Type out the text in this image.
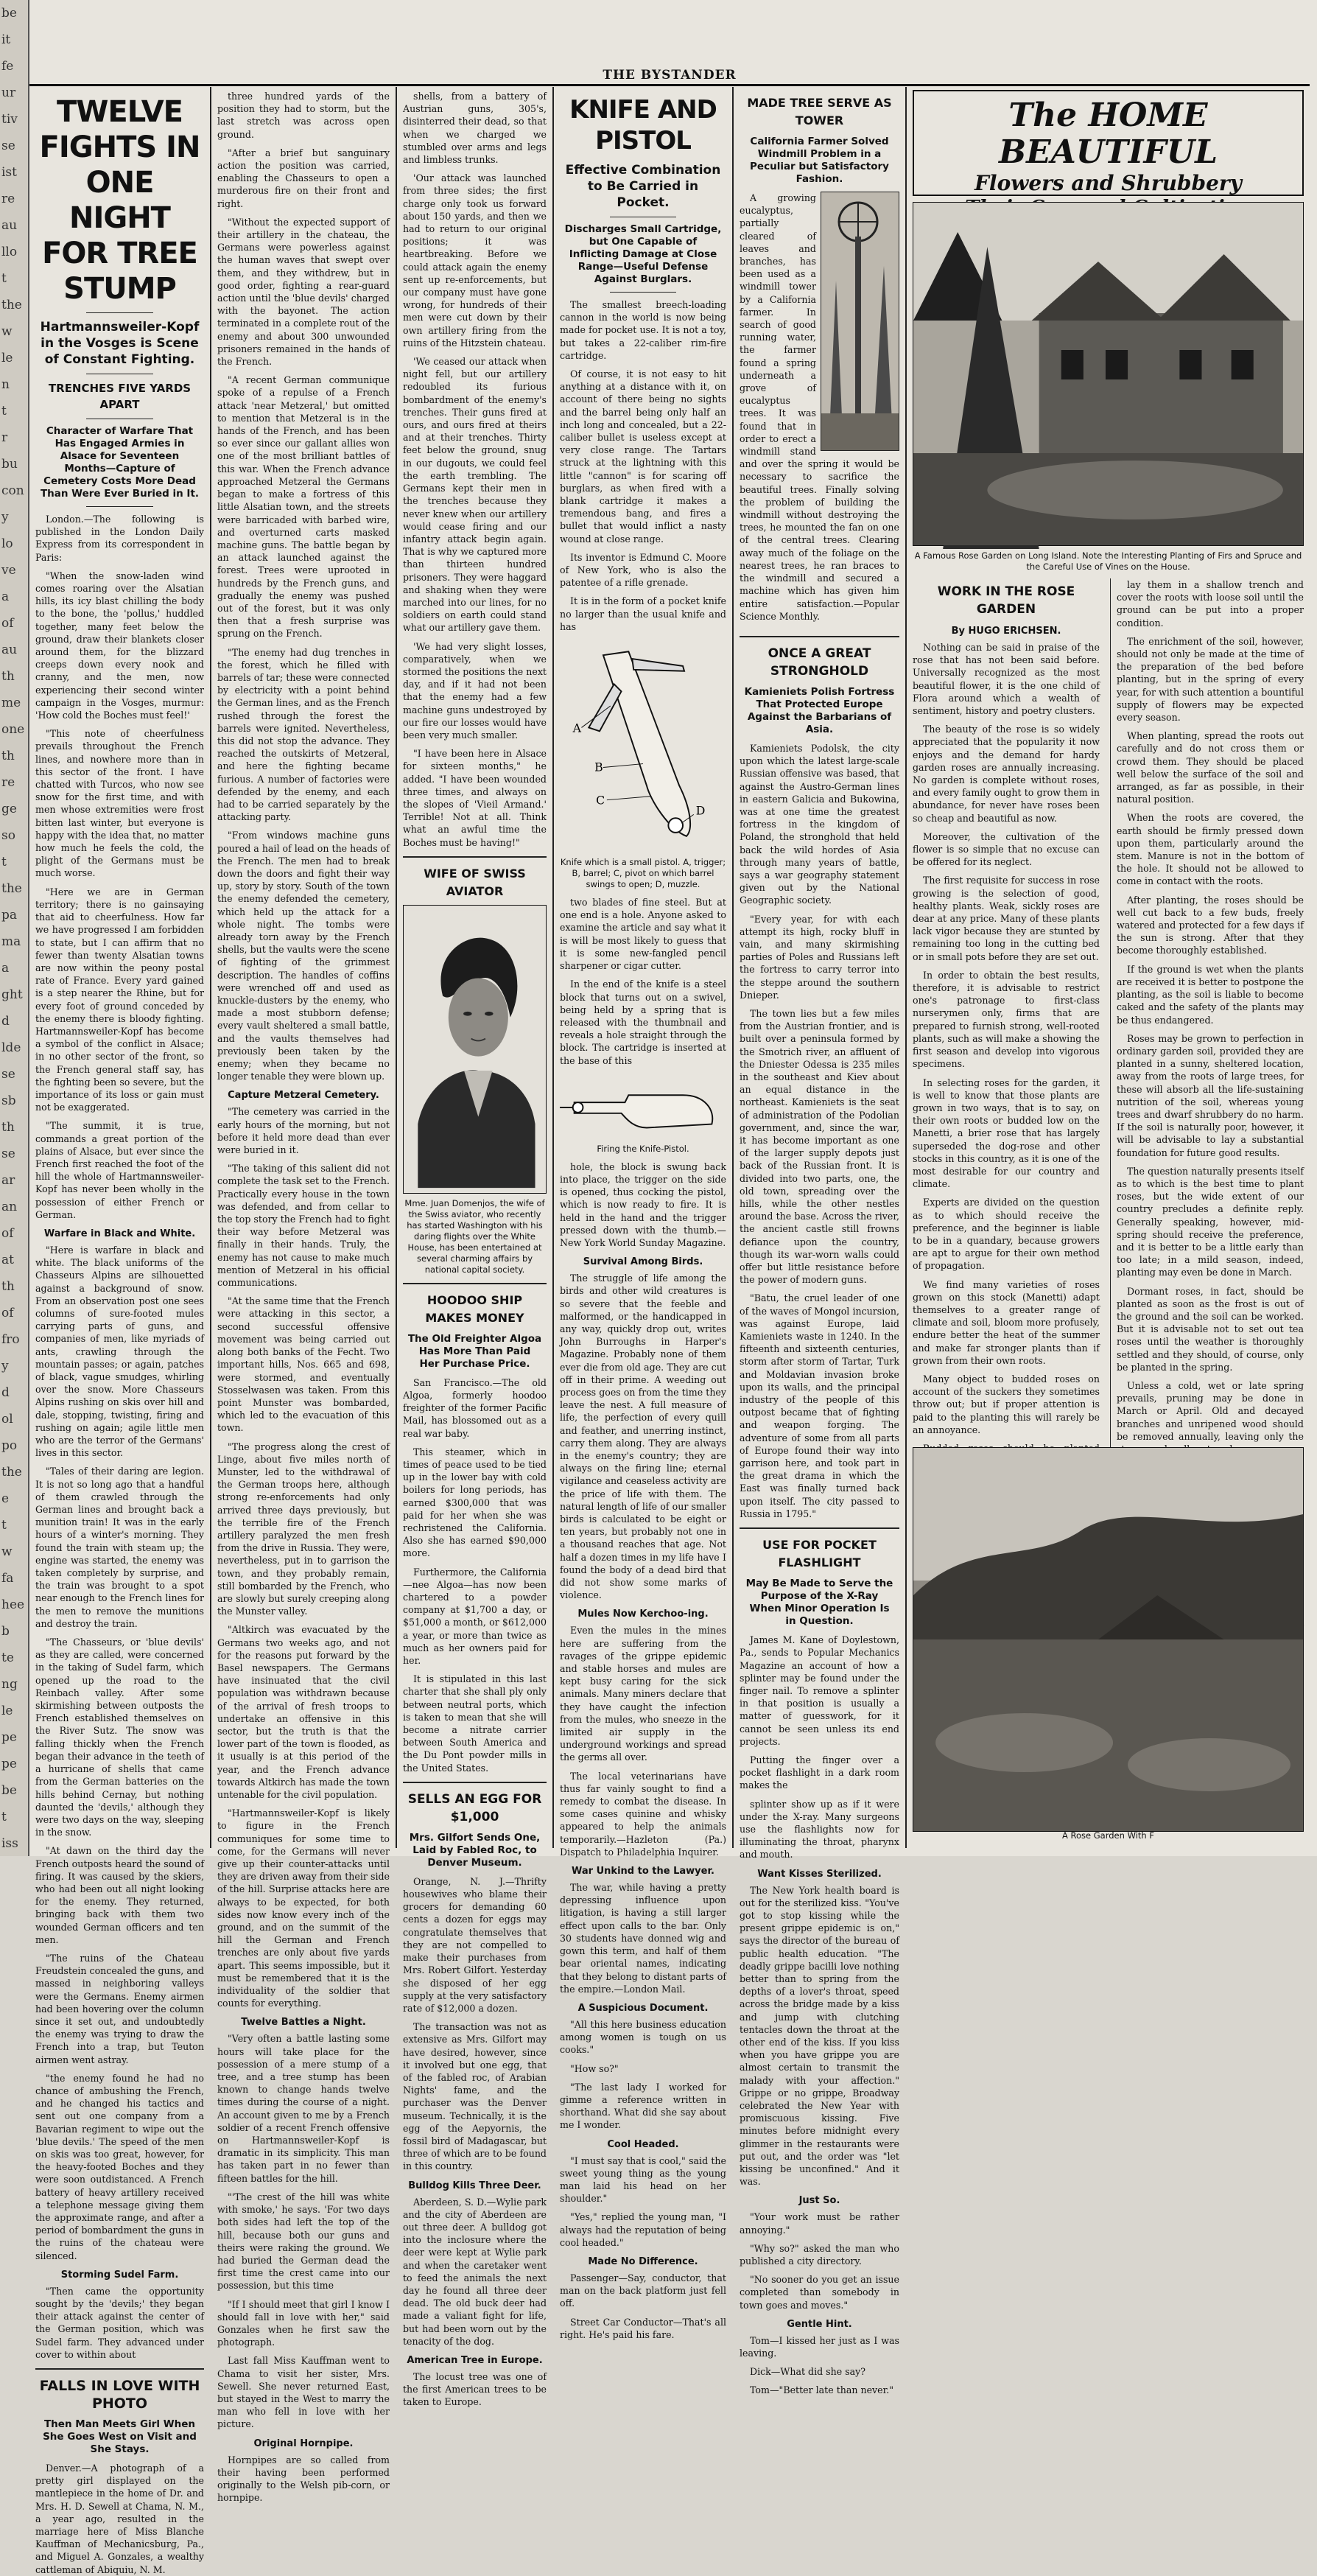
be
it
fe
ur
tiv
se
ist
re
au
llo
t
the
w
le
n
t
r
bu
con
y
lo
ve
a
of
au
th
me
one
th
re
ge
so
t
the
pa
ma
a
ght
d
lde
se
sb
th
se
ar
an
of
at
th
of
fro
y
d
ol
po
the
e
t
w
fa
hee
b
te
ng
le
pe
pe
be
t
iss
THE BYSTANDER
TWELVE FIGHTS IN ONE NIGHT FOR TREE STUMP
Hartmannsweiler-Kopf in the Vosges is Scene of Constant Fighting.
TRENCHES FIVE YARDS APART
Character of Warfare That Has Engaged Armies in Alsace for Seventeen Months—Capture of Cemetery Costs More Dead Than Were Ever Buried in It.

London.—The following is published in the London Daily Express from its correspondent in Paris:

"When the snow-laden wind comes roaring over the Alsatian hills, its icy blast chilling the body to the bone, the 'pollus,' huddled together, many feet below the ground, draw their blankets closer around them, for the blizzard creeps down every nook and cranny, and the men, now experiencing their second winter campaign in the Vosges, murmur: 'How cold the Boches must feel!'

"This note of cheerfulness prevails throughout the French lines, and nowhere more than in this sector of the front. I have chatted with Turcos, who now see snow for the first time, and with men whose extremities were frost bitten last winter, but everyone is happy with the idea that, no matter how much he feels the cold, the plight of the Germans must be much worse.

"Here we are in German territory; there is no gainsaying that aid to cheerfulness. How far we have progressed I am forbidden to state, but I can affirm that no fewer than twenty Alsatian towns are now within the peony postal rate of France. Every yard gained is a step nearer the Rhine, but for every foot of ground conceded by the enemy there is bloody fighting. Hartmannsweiler-Kopf has become a symbol of the conflict in Alsace; in no other sector of the front, so the French general staff say, has the fighting been so severe, but the importance of its loss or gain must not be exaggerated.

"The summit, it is true, commands a great portion of the plains of Alsace, but ever since the French first reached the foot of the hill the whole of Hartmannsweiler-Kopf has never been wholly in the possession of either French or German.

Warfare in Black and White.

"Here is warfare in black and white. The black uniforms of the Chasseurs Alpins are silhouetted against a background of snow. From an observation post one sees columns of sure-footed mules carrying parts of guns, and companies of men, like myriads of ants, crawling through the mountain passes; or again, patches of black, vague smudges, whirling over the snow. More Chasseurs Alpins rushing on skis over hill and dale, stopping, twisting, firing and rushing on again; agile little men who are the terror of the Germans' lives in this sector.

"Tales of their daring are legion. It is not so long ago that a handful of them crawled through the German lines and brought back a munition train! It was in the early hours of a winter's morning. They found the train with steam up; the engine was started, the enemy was taken completely by surprise, and the train was brought to a spot near enough to the French lines for the men to remove the munitions and destroy the train.

"The Chasseurs, or 'blue devils' as they are called, were concerned in the taking of Sudel farm, which opened up the road to the Reinbach valley. After some skirmishing between outposts the French established themselves on the River Sutz. The snow was falling thickly when the French began their advance in the teeth of a hurricane of shells that came from the German batteries on the hills behind Cernay, but nothing daunted the 'devils,' although they were two days on the way, sleeping in the snow.

"At dawn on the third day the French outposts heard the sound of firing. It was caused by the skiers, who had been out all night looking for the enemy. They returned, bringing back with them two wounded German officers and ten men.

"The ruins of the Chateau Freudstein concealed the guns, and massed in neighboring valleys were the Germans. Enemy airmen had been hovering over the column since it set out, and undoubtedly the enemy was trying to draw the French into a trap, but Teuton airmen went astray.

"the enemy found he had no chance of ambushing the French, and he changed his tactics and sent out one company from a Bavarian regiment to wipe out the 'blue devils.' The speed of the men on skis was too great, however, for the heavy-footed Boches and they were soon outdistanced. A French battery of heavy artillery received a telephone message giving them the approximate range, and after a period of bombardment the guns in the ruins of the chateau were silenced.

Storming Sudel Farm.

"Then came the opportunity sought by the 'devils;' they began their attack against the center of the German position, which was Sudel farm. They advanced under cover to within about

FALLS IN LOVE WITH PHOTO
Then Man Meets Girl When She Goes West on Visit and She Stays.

Denver.—A photograph of a pretty girl displayed on the mantlepiece in the home of Dr. and Mrs. H. D. Sewell at Chama, N. M., a year ago, resulted in the marriage here of Miss Blanche Kauffman of Mechanicsburg, Pa., and Miguel A. Gonzales, a wealthy cattleman of Abiquiu, N. M.

three hundred yards of the position they had to storm, but the last stretch was across open ground.

"After a brief but sanguinary action the position was carried, enabling the Chasseurs to open a murderous fire on their front and right.

"Without the expected support of their artillery in the chateau, the Germans were powerless against the human waves that swept over them, and they withdrew, but in good order, fighting a rear-guard action until the 'blue devils' charged with the bayonet. The action terminated in a complete rout of the enemy and about 300 unwounded prisoners remained in the hands of the French.

"A recent German communique spoke of a repulse of a French attack 'near Metzeral,' but omitted to mention that Metzeral is in the hands of the French, and has been so ever since our gallant allies won one of the most brilliant battles of this war. When the French advance approached Metzeral the Germans began to make a fortress of this little Alsatian town, and the streets were barricaded with barbed wire, and overturned carts masked machine guns. The battle began by an attack launched against the forest. Trees were uprooted in hundreds by the French guns, and gradually the enemy was pushed out of the forest, but it was only then that a fresh surprise was sprung on the French.

"The enemy had dug trenches in the forest, which he filled with barrels of tar; these were connected by electricity with a point behind the German lines, and as the French rushed through the forest the barrels were ignited. Nevertheless, this did not stop the advance. They reached the outskirts of Metzeral, and here the fighting became furious. A number of factories were defended by the enemy, and each had to be carried separately by the attacking party.

"From windows machine guns poured a hail of lead on the heads of the French. The men had to break down the doors and fight their way up, story by story. South of the town the enemy defended the cemetery, which held up the attack for a whole night. The tombs were already torn away by the French shells, but the vaults were the scene of fighting of the grimmest description. The handles of coffins were wrenched off and used as knuckle-dusters by the enemy, who made a most stubborn defense; every vault sheltered a small battle, and the vaults themselves had previously been taken by the enemy; when they became no longer tenable they were blown up.

Capture Metzeral Cemetery.

"The cemetery was carried in the early hours of the morning, but not before it held more dead than ever were buried in it.

"The taking of this salient did not complete the task set to the French. Practically every house in the town was defended, and from cellar to the top story the French had to fight their way before Metzeral was finally in their hands. Truly, the enemy has not cause to make much mention of Metzeral in his official communications.

"At the same time that the French were attacking in this sector, a second successful offensive movement was being carried out along both banks of the Fecht. Two important hills, Nos. 665 and 698, were stormed, and eventually Stosselwasen was taken. From this point Munster was bombarded, which led to the evacuation of this town.

"The progress along the crest of Linge, about five miles north of Munster, led to the withdrawal of the German troops here, although strong re-enforcements had only arrived three days previously, but the terrible fire of the French artillery paralyzed the men fresh from the drive in Russia. They were, nevertheless, put in to garrison the town, and they probably remain, still bombarded by the French, who are slowly but surely creeping along the Munster valley.

"Altkirch was evacuated by the Germans two weeks ago, and not for the reasons put forward by the Basel newspapers. The Germans have insinuated that the civil population was withdrawn because of the arrival of fresh troops to undertake an offensive in this sector, but the truth is that the lower part of the town is flooded, as it usually is at this period of the year, and the French advance towards Altkirch has made the town untenable for the civil population.

"Hartmannsweiler-Kopf is likely to figure in the French communiques for some time to come, for the Germans will never give up their counter-attacks until they are driven away from their side of the hill. Surprise attacks here are always to be expected, for both sides now know every inch of the ground, and on the summit of the hill the German and French trenches are only about five yards apart. This seems impossible, but it must be remembered that it is the individuality of the soldier that counts for everything.

Twelve Battles a Night.

"Very often a battle lasting some hours will take place for the possession of a mere stump of a tree, and a tree stump has been known to change hands twelve times during the course of a night. An account given to me by a French soldier of a recent French offensive on Hartmannsweiler-Kopf is dramatic in its simplicity. This man has taken part in no fewer than fifteen battles for the hill.

"'The crest of the hill was white with smoke,' he says. 'For two days both sides had left the top of the hill, because both our guns and theirs were raking the ground. We had buried the German dead the first time the crest came into our possession, but this time

"If I should meet that girl I know I should fall in love with her," said Gonzales when he first saw the photograph.

Last fall Miss Kauffman went to Chama to visit her sister, Mrs. Sewell. She never returned East, but stayed in the West to marry the man who fell in love with her picture.

Original Hornpipe.

Hornpipes are so called from their having been performed originally to the Welsh pib-corn, or hornpipe.

shells, from a battery of Austrian guns, 305's, disinterred their dead, so that when we charged we stumbled over arms and legs and limbless trunks.

'Our attack was launched from three sides; the first charge only took us forward about 150 yards, and then we had to return to our original positions; it was heartbreaking. Before we could attack again the enemy sent up re-enforcements, but our company must have gone wrong, for hundreds of their men were cut down by their own artillery firing from the ruins of the Hitzstein chateau.

'We ceased our attack when night fell, but our artillery redoubled its furious bombardment of the enemy's trenches. Their guns fired at ours, and ours fired at theirs and at their trenches. Thirty feet below the ground, snug in our dugouts, we could feel the earth trembling. The Germans kept their men in the trenches because they never knew when our artillery would cease firing and our infantry attack begin again. That is why we captured more than thirteen hundred prisoners. They were haggard and shaking when they were marched into our lines, for no soldiers on earth could stand what our artillery gave them.

'We had very slight losses, comparatively, when we stormed the positions the next day, and if it had not been that the enemy had a few machine guns undestroyed by our fire our losses would have been very much smaller.

"I have been here in Alsace for sixteen months," he added. "I have been wounded three times, and always on the slopes of 'Vieil Armand.' Terrible! Not at all. Think what an awful time the Boches must be having!"

WIFE OF SWISS AVIATOR
Mme. Juan Domenjos, the wife of the Swiss aviator, who recently has started Washington with his daring flights over the White House, has been entertained at several charming affairs by national capital society.
HOODOO SHIP MAKES MONEY
The Old Freighter Algoa Has More Than Paid Her Purchase Price.

San Francisco.—The old Algoa, formerly hoodoo freighter of the former Pacific Mail, has blossomed out as a real war baby.

This steamer, which in times of peace used to be tied up in the lower bay with cold boilers for long periods, has earned $300,000 that was paid for her when she was rechristened the California. Also she has earned $90,000 more.

Furthermore, the California—nee Algoa—has now been chartered to a powder company at $1,700 a day, or $51,000 a month, or $612,000 a year, or more than twice as much as her owners paid for her.

It is stipulated in this last charter that she shall ply only between neutral ports, which is taken to mean that she will become a nitrate carrier between South America and the Du Pont powder mills in the United States.

SELLS AN EGG FOR $1,000
Mrs. Gilfort Sends One, Laid by Fabled Roc, to Denver Museum.

Orange, N. J.—Thrifty housewives who blame their grocers for demanding 60 cents a dozen for eggs may congratulate themselves that they are not compelled to make their purchases from Mrs. Robert Gilfort. Yesterday she disposed of her egg supply at the very satisfactory rate of $12,000 a dozen.

The transaction was not as extensive as Mrs. Gilfort may have desired, however, since it involved but one egg, that of the fabled roc, of Arabian Nights' fame, and the purchaser was the Denver museum. Technically, it is the egg of the Aepyornis, the fossil bird of Madagascar, but three of which are to be found in this country.

Bulldog Kills Three Deer.

Aberdeen, S. D.—Wylie park and the city of Aberdeen are out three deer. A bulldog got into the inclosure where the deer were kept at Wylie park and when the caretaker went to feed the animals the next day he found all three deer dead. The old buck deer had made a valiant fight for life, but had been worn out by the tenacity of the dog.

American Tree in Europe.

The locust tree was one of the first American trees to be taken to Europe.

KNIFE AND PISTOL
Effective Combination to Be Carried in Pocket.
Discharges Small Cartridge, but One Capable of Inflicting Damage at Close Range—Useful Defense Against Burglars.

The smallest breech-loading cannon in the world is now being made for pocket use. It is not a toy, but takes a 22-caliber rim-fire cartridge.

Of course, it is not easy to hit anything at a distance with it, on account of there being no sights and the barrel being only half an inch long and concealed, but a 22-caliber bullet is useless except at very close range. The Tartars struck at the lightning with this little "cannon" is for scaring off burglars, as when fired with a blank cartridge it makes a tremendous bang, and fires a bullet that would inflict a nasty wound at close range.

Its inventor is Edmund C. Moore of New York, who is also the patentee of a rifle grenade.

It is in the form of a pocket knife no larger than the usual knife and has

A
B
C
D
Knife which is a small pistol. A, trigger; B, barrel; C, pivot on which barrel swings to open; D, muzzle.

two blades of fine steel. But at one end is a hole. Anyone asked to examine the article and say what it is will be most likely to guess that it is some new-fangled pencil sharpener or cigar cutter.

In the end of the knife is a steel block that turns out on a swivel, being held by a spring that is released with the thumbnail and reveals a hole straight through the block. The cartridge is inserted at the base of this

Firing the Knife-Pistol.

hole, the block is swung back into place, the trigger on the side is opened, thus cocking the pistol, which is now ready to fire. It is held in the hand and the trigger pressed down with the thumb.—New York World Sunday Magazine.

Survival Among Birds.

The struggle of life among the birds and other wild creatures is so severe that the feeble and malformed, or the handicapped in any way, quickly drop out, writes John Burroughs in Harper's Magazine. Probably none of them ever die from old age. They are cut off in their prime. A weeding out process goes on from the time they leave the nest. A full measure of life, the perfection of every quill and feather, and unerring instinct, carry them along. They are always in the enemy's country; they are always on the firing line; eternal vigilance and ceaseless activity are the price of life with them. The natural length of life of our smaller birds is calculated to be eight or ten years, but probably not one in a thousand reaches that age. Not half a dozen times in my life have I found the body of a dead bird that did not show some marks of violence.

Mules Now Kerchoo-ing.

Even the mules in the mines here are suffering from the ravages of the grippe epidemic and stable horses and mules are kept busy caring for the sick animals. Many miners declare that they have caught the infection from the mules, who sneeze in the limited air supply in the underground workings and spread the germs all over.

The local veterinarians have thus far vainly sought to find a remedy to combat the disease. In some cases quinine and whisky appeared to help the animals temporarily.—Hazleton (Pa.) Dispatch to Philadelphia Inquirer.

War Unkind to the Lawyer.

The war, while having a pretty depressing influence upon litigation, is having a still larger effect upon calls to the bar. Only 30 students have donned wig and gown this term, and half of them bear oriental names, indicating that they belong to distant parts of the empire.—London Mail.

A Suspicious Document.

"All this here business education among women is tough on us cooks."

"How so?"

"The last lady I worked for gimme a reference written in shorthand. What did she say about me I wonder.

Cool Headed.

"I must say that is cool," said the sweet young thing as the young man laid his head on her shoulder."

"Yes," replied the young man, "I always had the reputation of being cool headed."

Made No Difference.

Passenger—Say, conductor, that man on the back platform just fell off.

Street Car Conductor—That's all right. He's paid his fare.

MADE TREE SERVE AS TOWER
California Farmer Solved Windmill Problem in a Peculiar but Satisfactory Fashion.

A growing eucalyptus, partially cleared of leaves and branches, has been used as a windmill tower by a California farmer. In search of good running water, the farmer found a spring underneath a grove of eucalyptus trees. It was found that in order to erect a windmill stand and over the spring it would be necessary to sacrifice the beautiful trees. Finally solving the problem of building the windmill without destroying the trees, he mounted the fan on one of the central trees. Clearing away much of the foliage on the nearest trees, he ran braces to the windmill and secured a machine which has given him entire satisfaction.—Popular Science Monthly.

ONCE A GREAT STRONGHOLD
Kamieniets Polish Fortress That Protected Europe Against the Barbarians of Asia.

Kamieniets Podolsk, the city upon which the latest large-scale Russian offensive was based, that against the Austro-German lines in eastern Galicia and Bukowina, was at one time the greatest fortress in the kingdom of Poland, the stronghold that held back the wild hordes of Asia through many years of battle, says a war geography statement given out by the National Geographic society.

"Every year, for with each attempt its high, rocky bluff in vain, and many skirmishing parties of Poles and Russians left the fortress to carry terror into the steppe around the southern Dnieper.

The town lies but a few miles from the Austrian frontier, and is built over a peninsula formed by the Smotrich river, an affluent of the Dniester Odessa is 235 miles in the southeast and Kiev about an equal distance in the northeast. Kamieniets is the seat of administration of the Podolian government, and, since the war, it has become important as one of the larger supply depots just back of the Russian front. It is divided into two parts, one, the old town, spreading over the hills, while the other nestles around the base. Across the river, the ancient castle still frowns defiance upon the country, though its war-worn walls could offer but little resistance before the power of modern guns.

"Batu, the cruel leader of one of the waves of Mongol incursion, was against Europe, laid Kamieniets waste in 1240. In the fifteenth and sixteenth centuries, storm after storm of Tartar, Turk and Moldavian invasion broke upon its walls, and the principal industry of the people of this outpost became that of fighting and weapon forging. The adventure of some from all parts of Europe found their way into garrison here, and took part in the great drama in which the East was finally turned back upon itself. The city passed to Russia in 1795."

USE FOR POCKET FLASHLIGHT
May Be Made to Serve the Purpose of the X-Ray When Minor Operation Is in Question.

James M. Kane of Doylestown, Pa., sends to Popular Mechanics Magazine an account of how a splinter may be found under the finger nail. To remove a splinter in that position is usually a matter of guesswork, for it cannot be seen unless its end projects.

Putting the finger over a pocket flashlight in a dark room makes the

splinter show up as if it were under the X-ray. Many surgeons use the flashlights now for illuminating the throat, pharynx and mouth.

Want Kisses Sterilized.

The New York health board is out for the sterilized kiss. "You've got to stop kissing while the present grippe epidemic is on," says the director of the bureau of public health education. "The deadly grippe bacilli love nothing better than to spring from the depths of a lover's throat, speed across the bridge made by a kiss and jump with clutching tentacles down the throat at the other end of the kiss. If you kiss when you have grippe you are almost certain to transmit the malady with your affection." Grippe or no grippe, Broadway celebrated the New Year with promiscuous kissing. Five minutes before midnight every glimmer in the restaurants were put out, and the order was "let kissing be unconfined." And it was.

Just So.

"Your work must be rather annoying."

"Why so?" asked the man who published a city directory.

"No sooner do you get an issue completed than somebody in town goes and moves."

Gentle Hint.

Tom—I kissed her just as I was leaving.

Dick—What did she say?

Tom—"Better late than never."

The HOME BEAUTIFUL
Flowers and Shrubbery
A Famous Rose Garden on Long Island. Note the Interesting Planting of Firs and Spruce and the Careful Use of Vines on the House.
WORK IN THE ROSE GARDEN
By HUGO ERICHSEN.

Nothing can be said in praise of the rose that has not been said before. Universally recognized as the most beautiful flower, it is the one child of Flora around which a wealth of sentiment, history and poetry clusters.

The beauty of the rose is so widely appreciated that the popularity it now enjoys and the demand for hardy garden roses are annually increasing. No garden is complete without roses, and every family ought to grow them in abundance, for never have roses been so cheap and beautiful as now.

Moreover, the cultivation of the flower is so simple that no excuse can be offered for its neglect.

The first requisite for success in rose growing is the selection of good, healthy plants. Weak, sickly roses are dear at any price. Many of these plants lack vigor because they are stunted by remaining too long in the cutting bed or in small pots before they are set out.

In order to obtain the best results, therefore, it is advisable to restrict one's patronage to first-class nurserymen only, firms that are prepared to furnish strong, well-rooted plants, such as will make a showing the first season and develop into vigorous specimens.

In selecting roses for the garden, it is well to know that those plants are grown in two ways, that is to say, on their own roots or budded low on the Manetti, a brier rose that has largely superseded the dog-rose and other stocks in this country, as it is one of the most desirable for our country and climate.

Experts are divided on the question as to which should receive the preference, and the beginner is liable to be in a quandary, because growers are apt to argue for their own method of propagation.

We find many varieties of roses grown on this stock (Manetti) adapt themselves to a greater range of climate and soil, bloom more profusely, endure better the heat of the summer and make far stronger plants than if grown from their own roots.

Many object to budded roses on account of the suckers they sometimes throw out; but if proper attention is paid to the planting this will rarely be an annoyance.

lay them in a shallow trench and cover the roots with loose soil until the ground can be put into a proper condition.

The enrichment of the soil, however, should not only be made at the time of the preparation of the bed before planting, but in the spring of every year, for with such attention a bountiful supply of flowers may be expected every season.

When planting, spread the roots out carefully and do not cross them or crowd them. They should be placed well below the surface of the soil and arranged, as far as possible, in their natural position.

When the roots are covered, the earth should be firmly pressed down upon them, particularly around the stem. Manure is not in the bottom of the hole. It should not be allowed to come in contact with the roots.

After planting, the roses should be well cut back to a few buds, freely watered and protected for a few days if the sun is strong. After that they become thoroughly established.

If the ground is wet when the plants are received it is better to postpone the planting, as the soil is liable to become caked and the safety of the plants may be thus endangered.

Roses may be grown to perfection in ordinary garden soil, provided they are planted in a sunny, sheltered location, away from the roots of large trees, for these will absorb all the life-sustaining nutrition of the soil, whereas young trees and dwarf shrubbery do no harm. If the soil is naturally poor, however, it will be advisable to lay a substantial foundation for future good results.

The question naturally presents itself as to which is the best time to plant roses, but the wide extent of our country precludes a definite reply. Generally speaking, however, mid-spring should receive the preference, and it is better to be a little early than too late; in a mild season, indeed, planting may even be done in March.

Dormant roses, in fact, should be planted as soon as the frost is out of the ground and the soil can be worked. But it is advisable not to set out tea roses until the weather is thoroughly settled and they should, of course, only be planted in the spring.

Unless a cold, wet or late spring prevails, pruning may be done in March or April. Old and decayed branches and unripened wood should be removed annually, leaving only the

A Rose Garden With F
